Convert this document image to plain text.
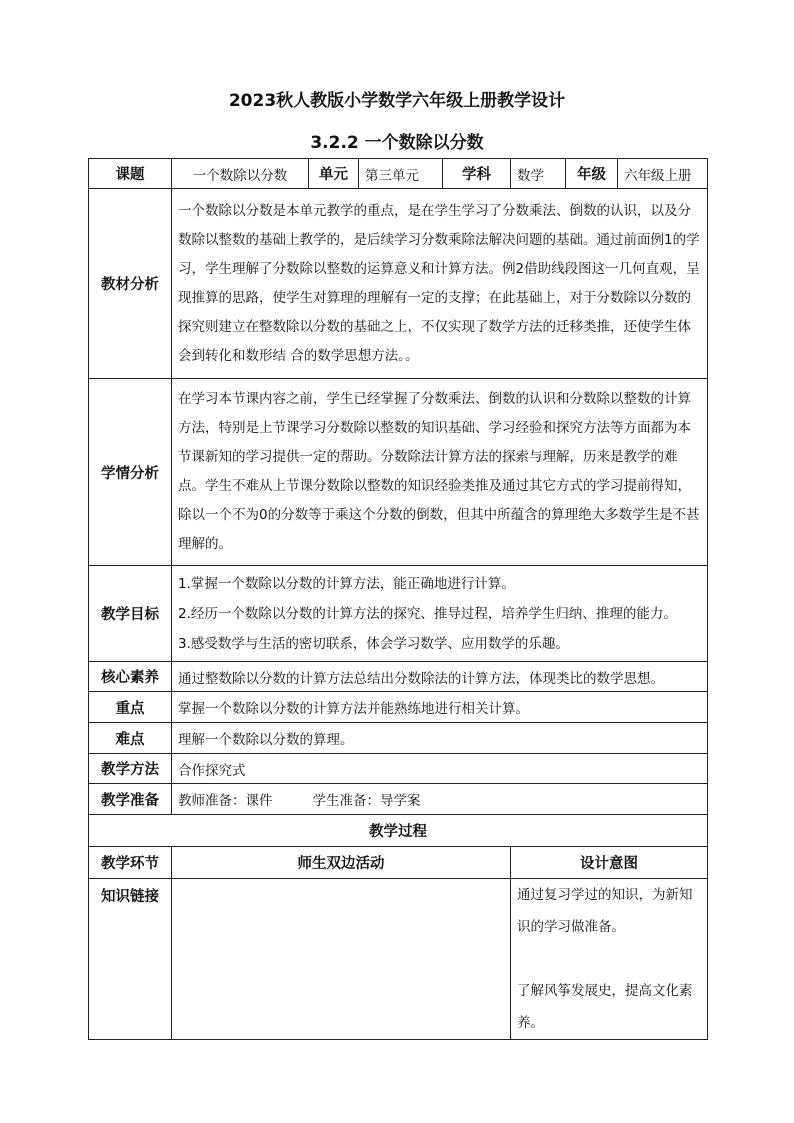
2023秋人教版小学数学六年级上册教学设计
3.2.2 一个数除以分数
课题	一个数除以分数	单元	第三单元	学科	数学	年级	六年级上册
教材分析	一个数除以分数是本单元教学的重点，是在学生学习了分数乘法、倒数的认识，以及分数除以整数的基础上教学的，是后续学习分数乘除法解决问题的基础。通过前面例1的学习，学生理解了分数除以整数的运算意义和计算方法。例2借助线段图这一几何直观，呈现推算的思路，使学生对算理的理解有一定的支撑；在此基础上，对于分数除以分数的探究则建立在整数除以分数的基础之上，不仅实现了数学方法的迁移类推，还使学生体会到转化和数形结 合的数学思想方法。。						
学情分析	在学习本节课内容之前，学生已经掌握了分数乘法、倒数的认识和分数除以整数的计算方法，特别是上节课学习分数除以整数的知识基础、学习经验和探究方法等方面都为本节课新知的学习提供一定的帮助。分数除法计算方法的探索与理解，历来是教学的难点。学生不难从上节课分数除以整数的知识经验类推及通过其它方式的学习提前得知，除以一个不为0的分数等于乘这个分数的倒数，但其中所蕴含的算理绝大多数学生是不甚理解的。						
教学目标	1.掌握一个数除以分数的计算方法，能正确地进行计算。
2.经历一个数除以分数的计算方法的探究、推导过程，培养学生归纳、推理的能力。
3.感受数学与生活的密切联系，体会学习数学、应用数学的乐趣。						

核心素养	通过整数除以分数的计算方法总结出分数除法的计算方法，体现类比的数学思想。						
重点	掌握一个数除以分数的计算方法并能熟练地进行相关计算。						
难点	理解一个数除以分数的算理。						
教学方法	合作探究式						
教学准备	教师准备：课件 学生准备：导学案						
教学过程							
教学环节	师生双边活动				设计意图		
知识链接					通过复习学过的知识，为新知识的学习做准备。

了解风筝发展史，提高文化素养。		
